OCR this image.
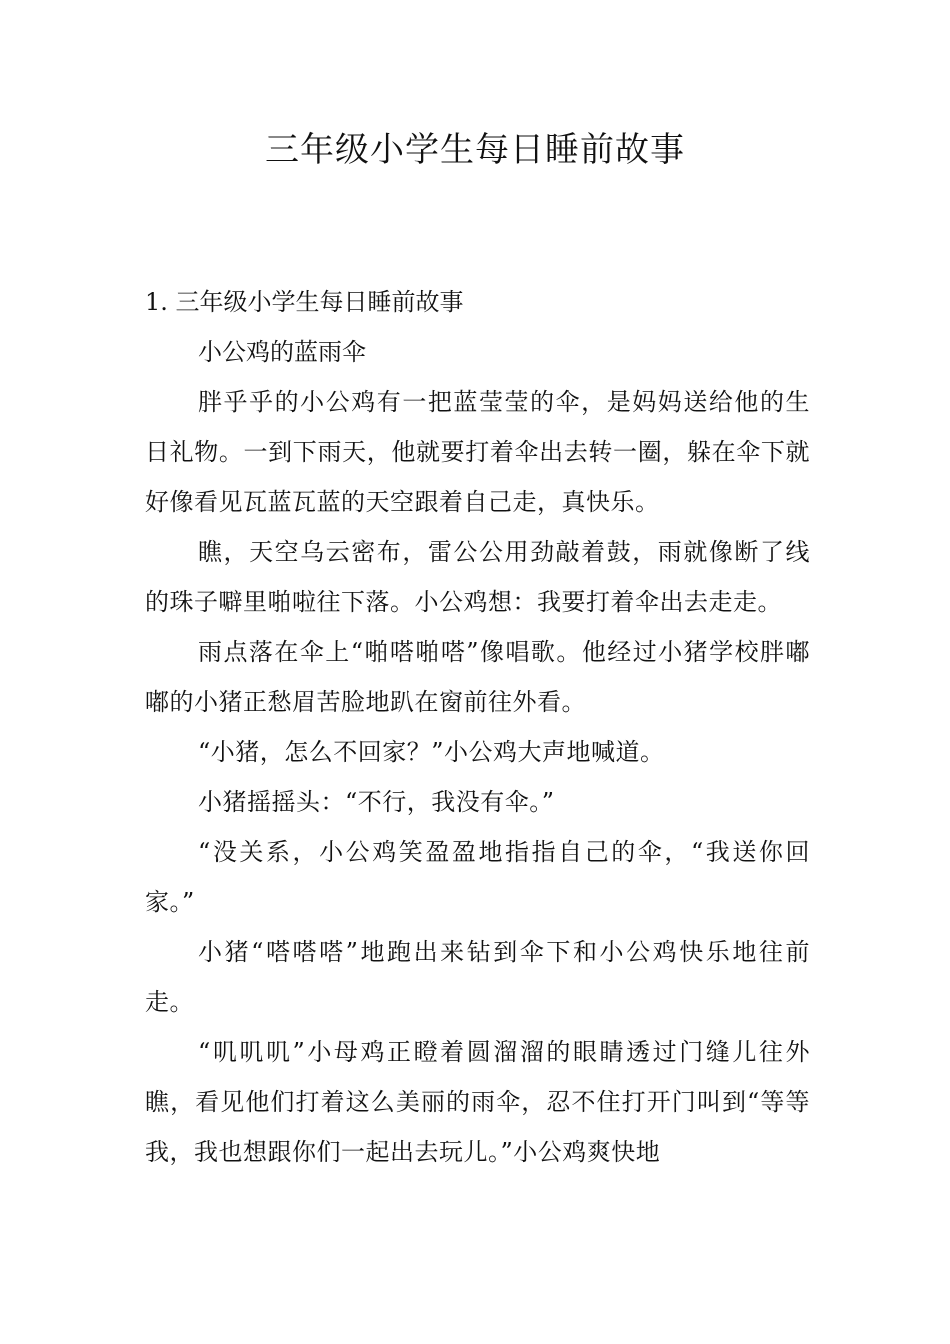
三年级小学生每日睡前故事

1. 三年级小学生每日睡前故事

小公鸡的蓝雨伞

胖乎乎的小公鸡有一把蓝莹莹的伞，是妈妈送给他的生日礼物。一到下雨天，他就要打着伞出去转一圈，躲在伞下就好像看见瓦蓝瓦蓝的天空跟着自己走，真快乐。

瞧，天空乌云密布，雷公公用劲敲着鼓，雨就像断了线的珠子噼里啪啦往下落。小公鸡想：我要打着伞出去走走。

雨点落在伞上“啪嗒啪嗒”像唱歌。他经过小猪学校胖嘟嘟的小猪正愁眉苦脸地趴在窗前往外看。

“小猪，怎么不回家？”小公鸡大声地喊道。

小猪摇摇头：“不行，我没有伞。”

“没关系，小公鸡笑盈盈地指指自己的伞，“我送你回家。”

小猪“嗒嗒嗒”地跑出来钻到伞下和小公鸡快乐地往前走。

“叽叽叽”小母鸡正瞪着圆溜溜的眼睛透过门缝儿往外瞧，看见他们打着这么美丽的雨伞，忍不住打开门叫到“等等我，我也想跟你们一起出去玩儿。”小公鸡爽快地
